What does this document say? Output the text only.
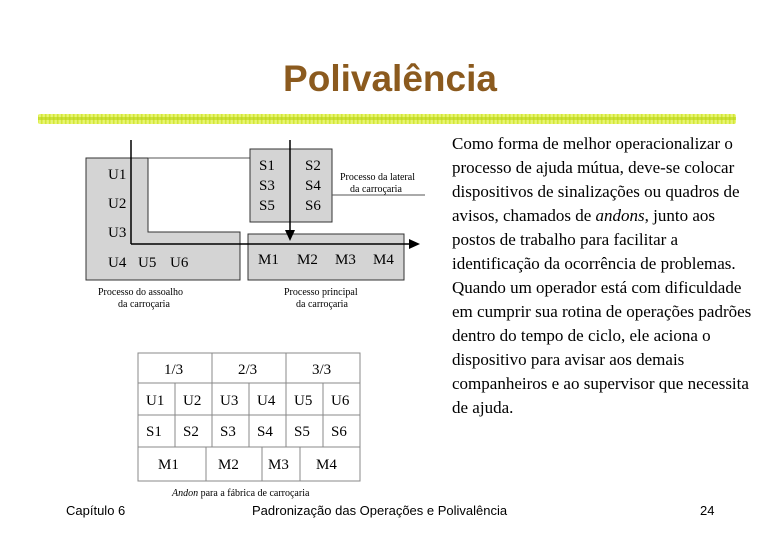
Polivalência
U1
U2
U3
U4 U5 U6
S1
S3
S5
S2
S4
S6
M1 M2 M3 M4
Processo da lateral
da carroçaria
Processo do assoalho
da carroçaria
Processo principal
da carroçaria
1/3	2/3	3/3
U1 U2 U3 U4 U5 U6
S1 S2 S3 S4 S5 S6
M1	M2 M3 M4
Andon para a fábrica de carroçaria
Como forma de melhor operacionalizar o processo de ajuda mútua, deve-se colocar dispositivos de sinalizações ou quadros de avisos, chamados de andons, junto aos postos de trabalho para facilitar a identificação da ocorrência de problemas. Quando um operador está com dificuldade em cumprir sua rotina de operações padrões dentro do tempo de ciclo, ele aciona o dispositivo para avisar aos demais companheiros e ao supervisor que necessita de ajuda.
Capítulo 6	Padronização das Operações e Polivalência	24
